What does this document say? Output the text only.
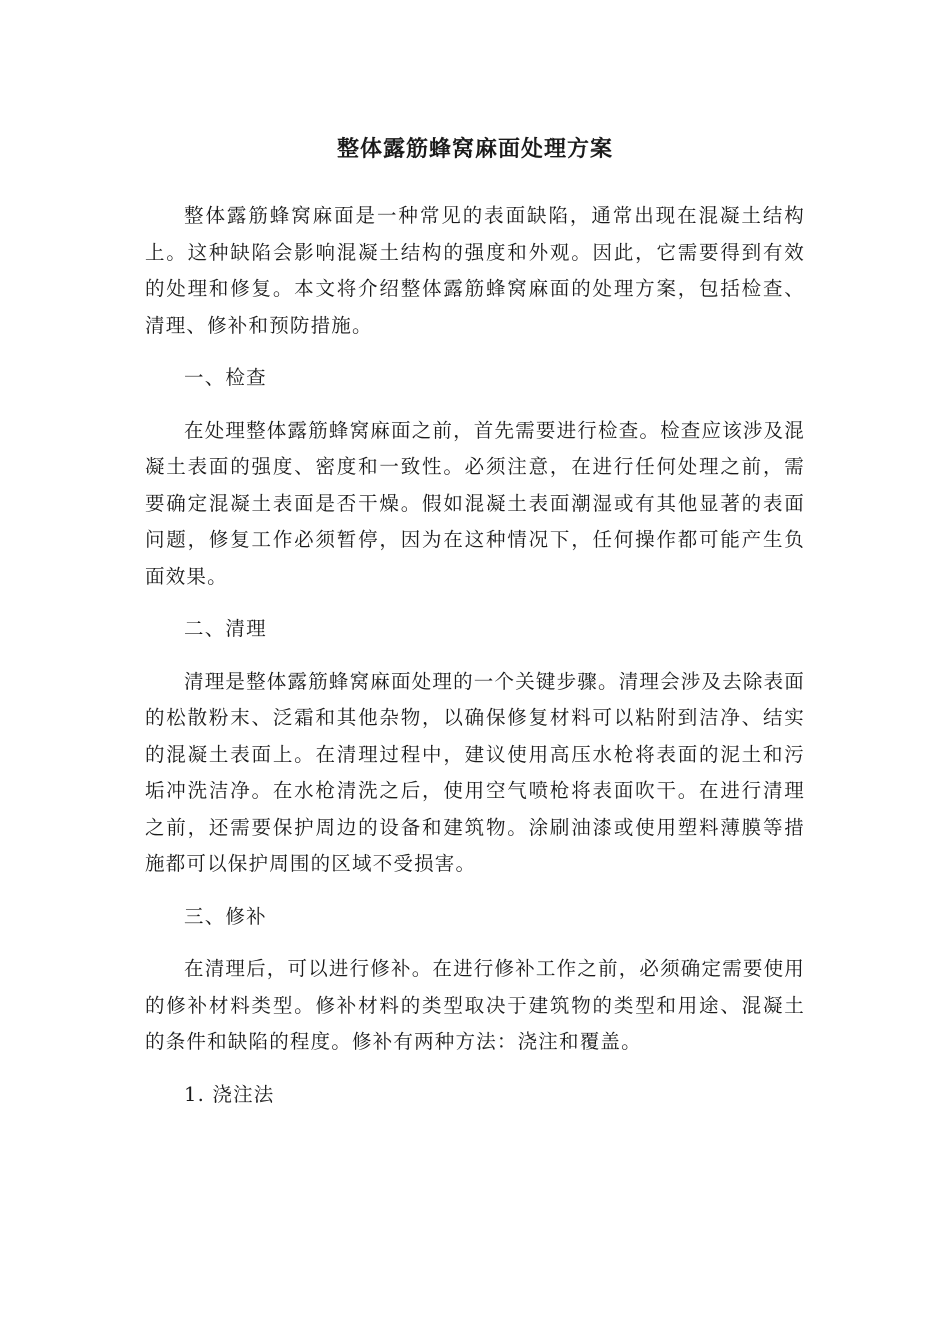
整体露筋蜂窝麻面处理方案

整体露筋蜂窝麻面是一种常见的表面缺陷，通常出现在混凝土结构上。这种缺陷会影响混凝土结构的强度和外观。因此，它需要得到有效的处理和修复。本文将介绍整体露筋蜂窝麻面的处理方案，包括检查、清理、修补和预防措施。

一、检查

在处理整体露筋蜂窝麻面之前，首先需要进行检查。检查应该涉及混凝土表面的强度、密度和一致性。必须注意，在进行任何处理之前，需要确定混凝土表面是否干燥。假如混凝土表面潮湿或有其他显著的表面问题，修复工作必须暂停，因为在这种情况下，任何操作都可能产生负面效果。

二、清理

清理是整体露筋蜂窝麻面处理的一个关键步骤。清理会涉及去除表面的松散粉末、泛霜和其他杂物，以确保修复材料可以粘附到洁净、结实的混凝土表面上。在清理过程中，建议使用高压水枪将表面的泥土和污垢冲洗洁净。在水枪清洗之后，使用空气喷枪将表面吹干。在进行清理之前，还需要保护周边的设备和建筑物。涂刷油漆或使用塑料薄膜等措施都可以保护周围的区域不受损害。

三、修补

在清理后，可以进行修补。在进行修补工作之前，必须确定需要使用的修补材料类型。修补材料的类型取决于建筑物的类型和用途、混凝土的条件和缺陷的程度。修补有两种方法：浇注和覆盖。

1. 浇注法
